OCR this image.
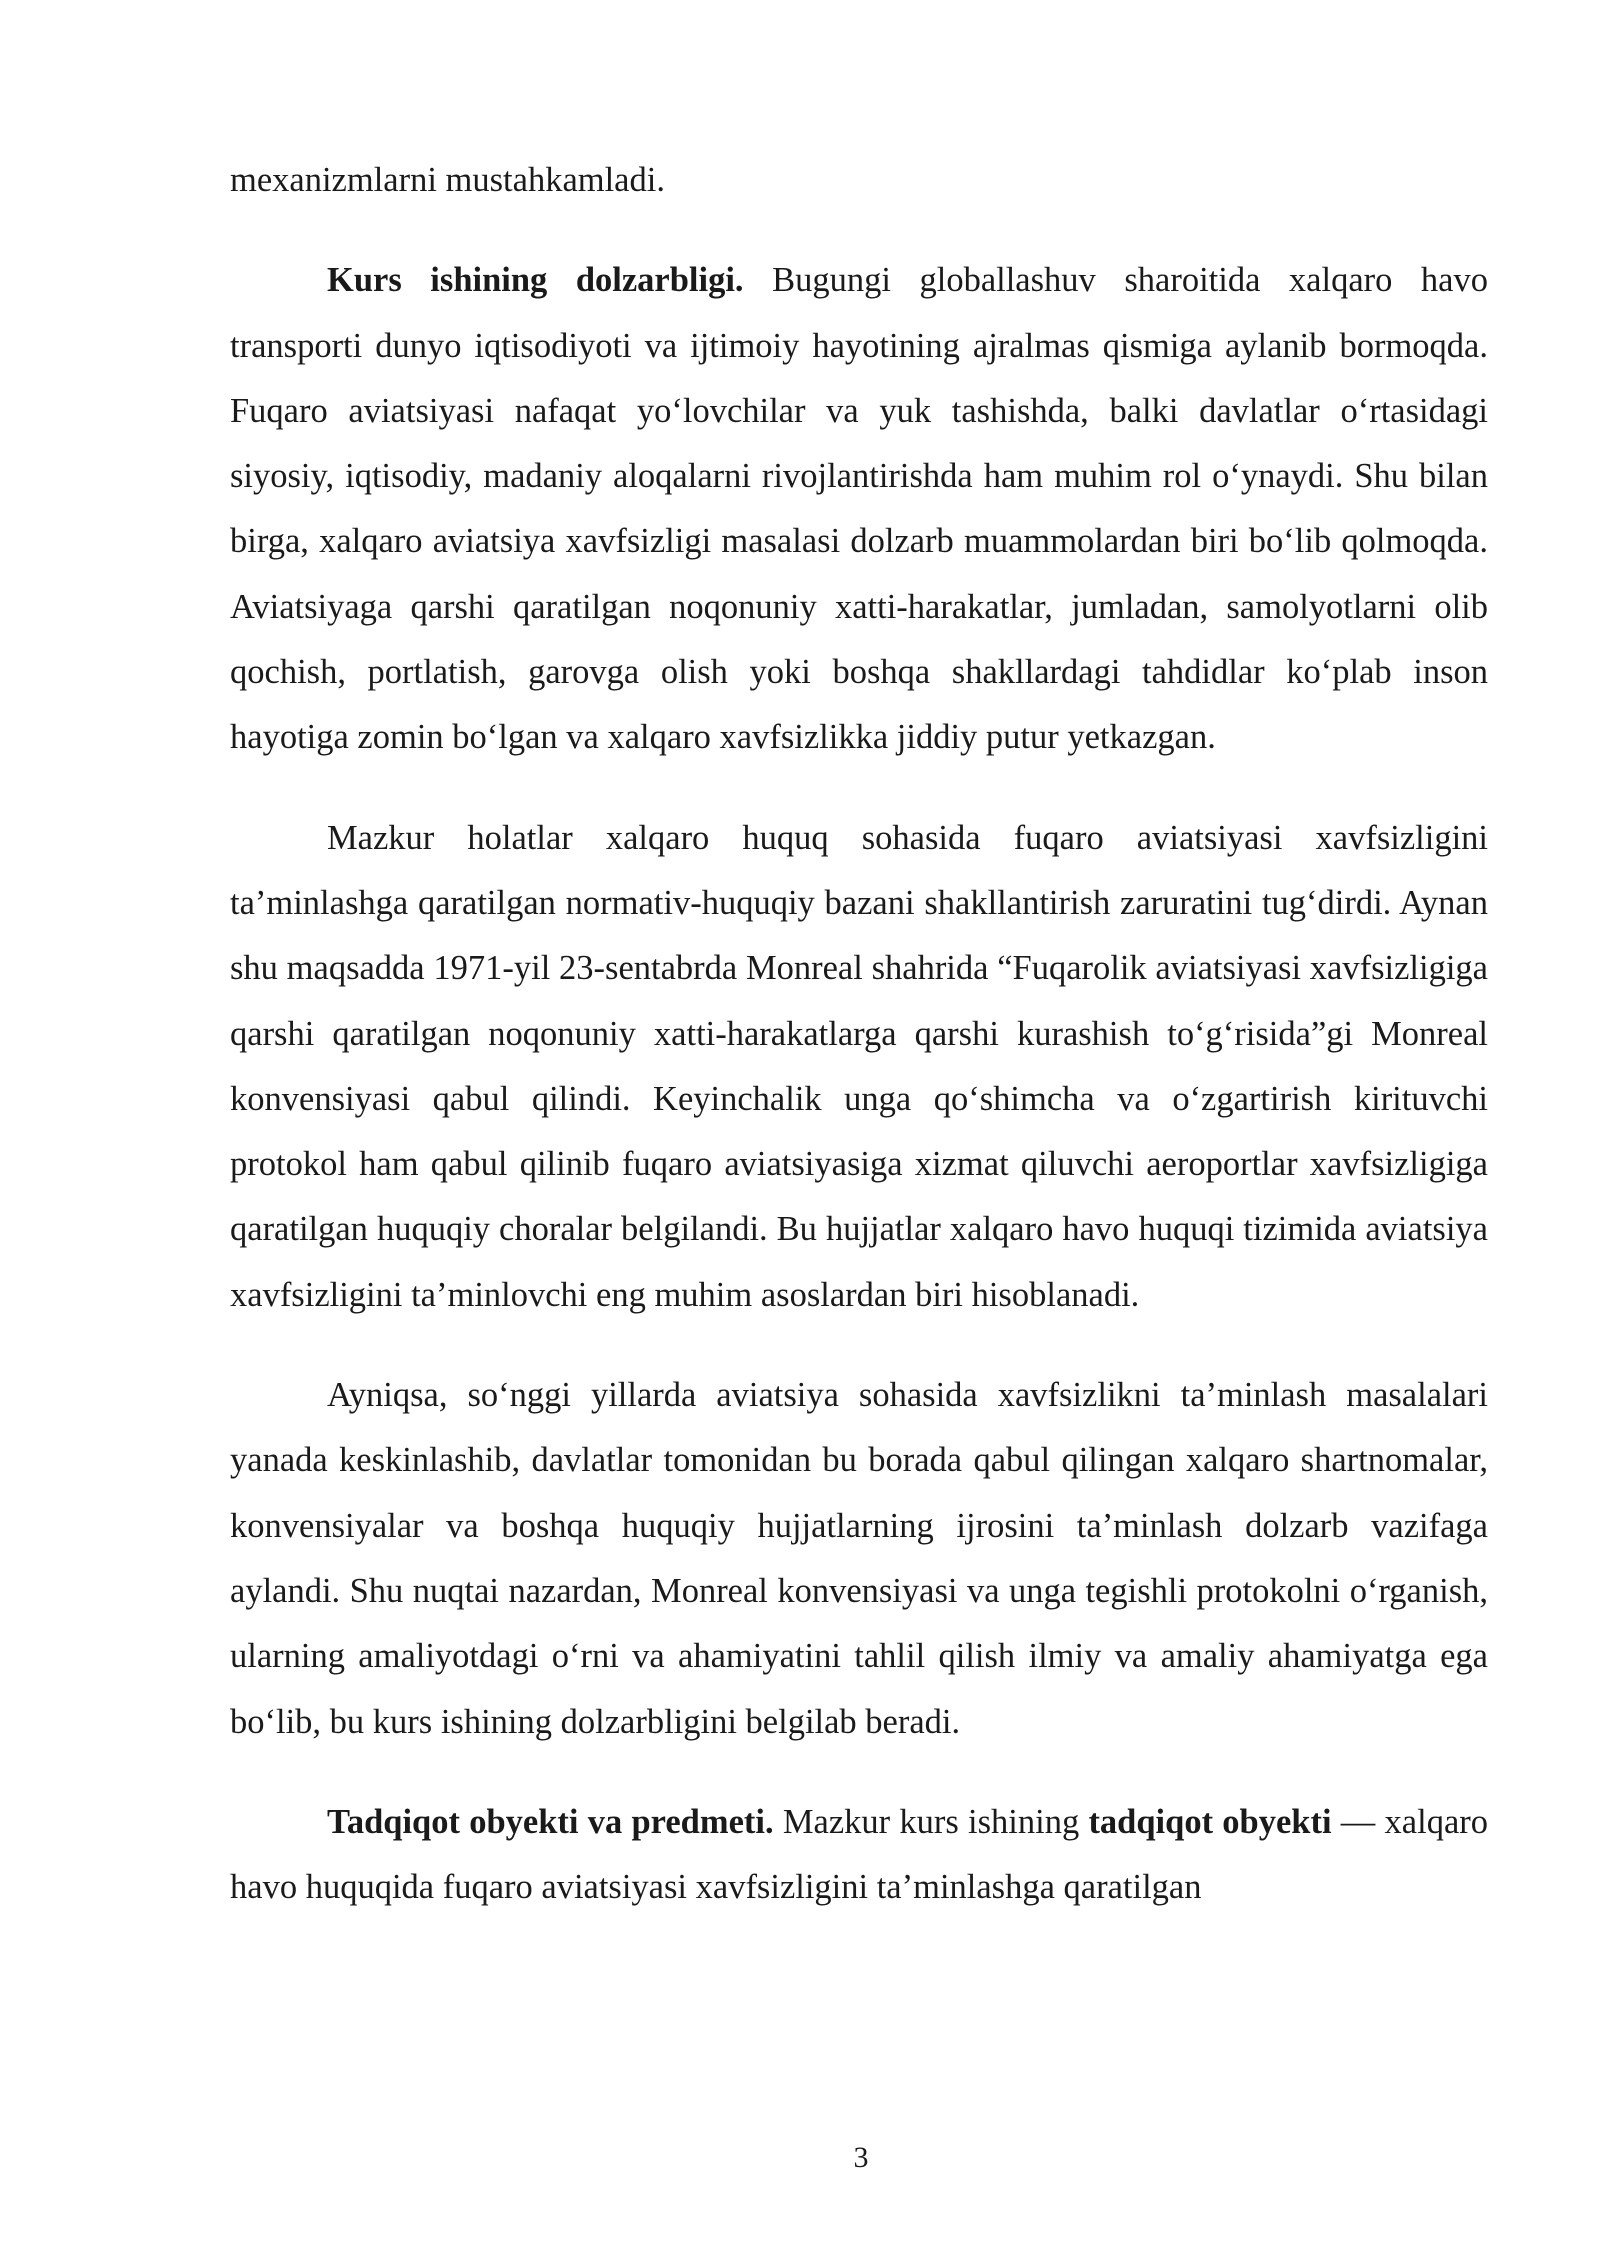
mexanizmlarni mustahkamladi.

Kurs ishining dolzarbligi. Bugungi globallashuv sharoitida xalqaro havo transporti dunyo iqtisodiyoti va ijtimoiy hayotining ajralmas qismiga aylanib bormoqda. Fuqaro aviatsiyasi nafaqat yo‘lovchilar va yuk tashishda, balki davlatlar o‘rtasidagi siyosiy, iqtisodiy, madaniy aloqalarni rivojlantirishda ham muhim rol o‘ynaydi. Shu bilan birga, xalqaro aviatsiya xavfsizligi masalasi dolzarb muammolardan biri bo‘lib qolmoqda. Aviatsiyaga qarshi qaratilgan noqonuniy xatti-harakatlar, jumladan, samolyotlarni olib qochish, portlatish, garovga olish yoki boshqa shakllardagi tahdidlar ko‘plab inson hayotiga zomin bo‘lgan va xalqaro xavfsizlikka jiddiy putur yetkazgan.

Mazkur holatlar xalqaro huquq sohasida fuqaro aviatsiyasi xavfsizligini ta’minlashga qaratilgan normativ-huquqiy bazani shakllantirish zaruratini tug‘dirdi. Aynan shu maqsadda 1971-yil 23-sentabrda Monreal shahrida “Fuqarolik aviatsiyasi xavfsizligiga qarshi qaratilgan noqonuniy xatti-harakatlarga qarshi kurashish to‘g‘risida”gi Monreal konvensiyasi qabul qilindi. Keyinchalik unga qo‘shimcha va o‘zgartirish kirituvchi protokol ham qabul qilinib fuqaro aviatsiyasiga xizmat qiluvchi aeroportlar xavfsizligiga qaratilgan huquqiy choralar belgilandi. Bu hujjatlar xalqaro havo huquqi tizimida aviatsiya xavfsizligini ta’minlovchi eng muhim asoslardan biri hisoblanadi.

Ayniqsa, so‘nggi yillarda aviatsiya sohasida xavfsizlikni ta’minlash masalalari yanada keskinlashib, davlatlar tomonidan bu borada qabul qilingan xalqaro shartnomalar, konvensiyalar va boshqa huquqiy hujjatlarning ijrosini ta’minlash dolzarb vazifaga aylandi. Shu nuqtai nazardan, Monreal konvensiyasi va unga tegishli protokolni o‘rganish, ularning amaliyotdagi o‘rni va ahamiyatini tahlil qilish ilmiy va amaliy ahamiyatga ega bo‘lib, bu kurs ishining dolzarbligini belgilab beradi.

Tadqiqot obyekti va predmeti. Mazkur kurs ishining tadqiqot obyekti — xalqaro havo huquqida fuqaro aviatsiyasi xavfsizligini ta’minlashga qaratilgan

3
